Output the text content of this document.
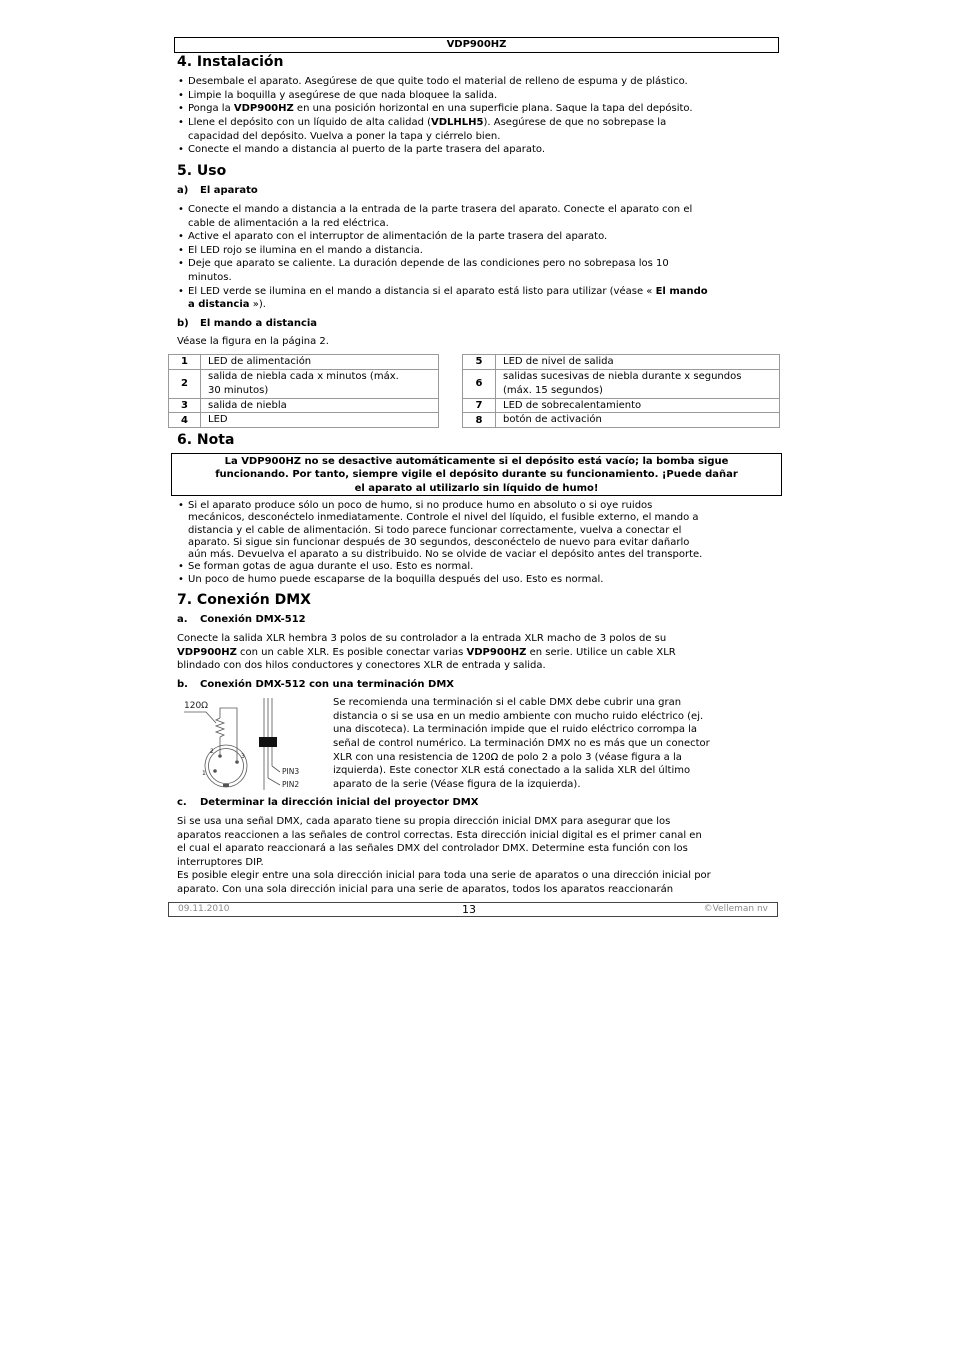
VDP900HZ
4. Instalación
• Desembale el aparato. Asegúrese de que quite todo el material de relleno de espuma y de plástico.
• Limpie la boquilla y asegúrese de que nada bloquee la salida.
• Ponga la VDP900HZ en una posición horizontal en una superficie plana. Saque la tapa del depósito.
• Llene el depósito con un líquido de alta calidad (VDLHLH5). Asegúrese de que no sobrepase la
capacidad del depósito. Vuelva a poner la tapa y ciérrelo bien.
• Conecte el mando a distancia al puerto de la parte trasera del aparato.
5. Uso
a) El aparato
• Conecte el mando a distancia a la entrada de la parte trasera del aparato. Conecte el aparato con el
cable de alimentación a la red eléctrica.
• Active el aparato con el interruptor de alimentación de la parte trasera del aparato.
• El LED rojo se ilumina en el mando a distancia.
• Deje que aparato se caliente. La duración depende de las condiciones pero no sobrepasa los 10
minutos.
• El LED verde se ilumina en el mando a distancia si el aparato está listo para utilizar (véase « El mando
a distancia »).
b) El mando a distancia
Véase la figura en la página 2.
1	LED de alimentación

2	salida de niebla cada x minutos (máx.
30 minutos)

3	salida de niebla

4	LED
5	LED de nivel de salida

6	salidas sucesivas de niebla durante x segundos
(máx. 15 segundos)

7	LED de sobrecalentamiento

8	botón de activación
6. Nota
La VDP900HZ no se desactive automáticamente si el depósito está vacío; la bomba sigue
funcionando. Por tanto, siempre vigile el depósito durante su funcionamiento. ¡Puede dañar
el aparato al utilizarlo sin líquido de humo!
• Si el aparato produce sólo un poco de humo, si no produce humo en absoluto o si oye ruidos
mecánicos, desconéctelo inmediatamente. Controle el nivel del líquido, el fusible externo, el mando a
distancia y el cable de alimentación. Si todo parece funcionar correctamente, vuelva a conectar el
aparato. Si sigue sin funcionar después de 30 segundos, desconéctelo de nuevo para evitar dañarlo
aún más. Devuelva el aparato a su distribuido. No se olvide de vaciar el depósito antes del transporte.
• Se forman gotas de agua durante el uso. Esto es normal.
• Un poco de humo puede escaparse de la boquilla después del uso. Esto es normal.
7. Conexión DMX
a. Conexión DMX-512
Conecte la salida XLR hembra 3 polos de su controlador a la entrada XLR macho de 3 polos de su
VDP900HZ con un cable XLR. Es posible conectar varias VDP900HZ en serie. Utilice un cable XLR
blindado con dos hilos conductores y conectores XLR de entrada y salida.
b. Conexión DMX-512 con una terminación DMX
120Ω
1
2
3
PIN3
PIN2
Se recomienda una terminación si el cable DMX debe cubrir una gran
distancia o si se usa en un medio ambiente con mucho ruido eléctrico (ej.
una discoteca). La terminación impide que el ruido eléctrico corrompa la
señal de control numérico. La terminación DMX no es más que un conector
XLR con una resistencia de 120Ω de polo 2 a polo 3 (véase figura a la
izquierda). Este conector XLR está conectado a la salida XLR del último
aparato de la serie (Véase figura de la izquierda).
c. Determinar la dirección inicial del proyector DMX
Si se usa una señal DMX, cada aparato tiene su propia dirección inicial DMX para asegurar que los
aparatos reaccionen a las señales de control correctas. Esta dirección inicial digital es el primer canal en
el cual el aparato reaccionará a las señales DMX del controlador DMX. Determine esta función con los
interruptores DIP.
Es posible elegir entre una sola dirección inicial para toda una serie de aparatos o una dirección inicial por
aparato. Con una sola dirección inicial para una serie de aparatos, todos los aparatos reaccionarán
09.11.2010	13	©Velleman nv
